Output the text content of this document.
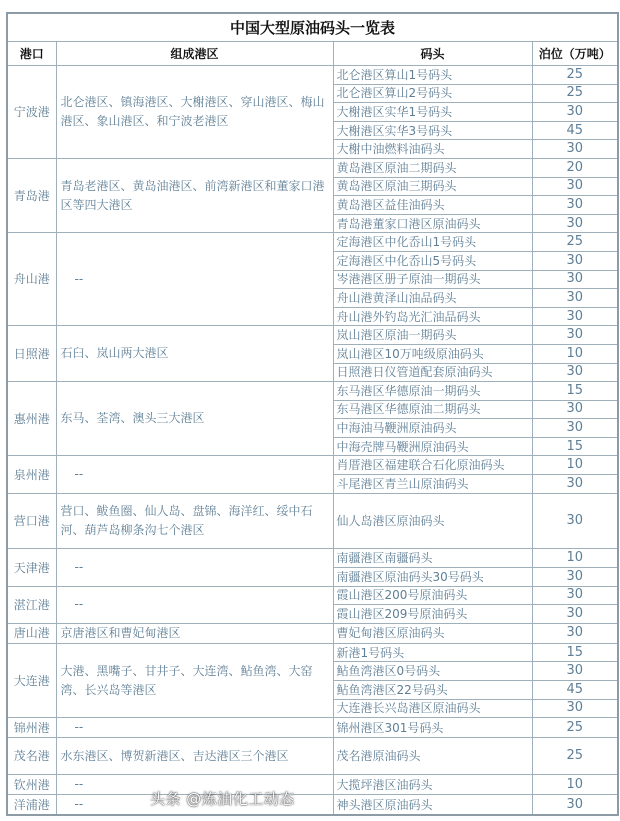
中国大型原油码头一览表			
港口	组成港区	码头	泊位（万吨）
宁波港	北仑港区、镇海港区、大榭港区、穿山港区、梅山港区、象山港区、和宁波老港区	北仑港区算山1号码头	25
		北仑港区算山2号码头	25
		大榭港区实华1号码头	30
		大榭港区实华3号码头	45
		大榭中油燃料油码头	30
青岛港	青岛老港区、黄岛油港区、前湾新港区和董家口港区等四大港区	黄岛港区原油二期码头	20
		黄岛港区原油三期码头	30
		黄岛港区益佳油码头	30
		青岛港董家口港区原油码头	30
舟山港	--	定海港区中化岙山1号码头	25
		定海港区中化岙山5号码头	30
		岑港港区册子原油一期码头	30
		舟山港黄泽山油品码头	30
		舟山港外钓岛光汇油品码头	30
日照港	石臼、岚山两大港区	岚山港区原油一期码头	30
		岚山港区10万吨级原油码头	10
		日照港日仪管道配套原油码头	30
惠州港	东马、荃湾、澳头三大港区	东马港区华德原油一期码头	15
		东马港区华德原油二期码头	30
		中海油马鞭洲原油码头	30
		中海壳牌马鞭洲原油码头	15
泉州港	--	肖厝港区福建联合石化原油码头	10
		斗尾港区青兰山原油码头	30
营口港	营口、鲅鱼圈、仙人岛、盘锦、海洋红、绥中石河、葫芦岛柳条沟七个港区	仙人岛港区原油码头	30
天津港	--	南疆港区南疆码头	10
		南疆港区原油码头30号码头	30
湛江港	--	霞山港区200号原油码头	30
		霞山港区209号原油码头	30
唐山港	京唐港区和曹妃甸港区	曹妃甸港区原油码头	30
大连港	大港、黑嘴子、甘井子、大连湾、鲇鱼湾、大窑湾、长兴岛等港区	新港1号码头	15
		鲇鱼湾港区0号码头	30
		鲇鱼湾港区22号码头	45
		大连港长兴岛港区原油码头	30
锦州港	--	锦州港区301号码头	25
茂名港	水东港区、博贺新港区、吉达港区三个港区	茂名港原油码头	25
钦州港	--	大揽坪港区油码头	10
洋浦港	--	神头港区原油码头	30
头条 @炼油化工动态
